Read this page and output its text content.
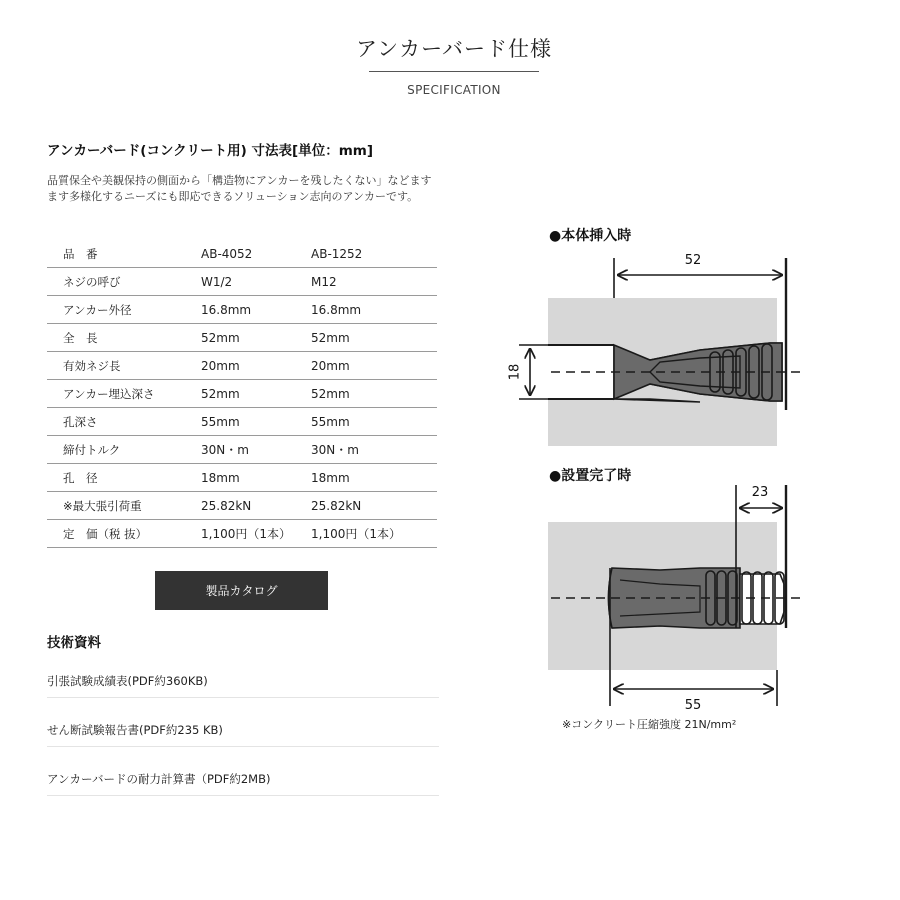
アンカーバード仕様
SPECIFICATION
アンカーバード(コンクリート用) 寸法表[単位：mm]
品質保全や美観保持の側面から「構造物にアンカーを残したくない」などますます多様化するニーズにも即応できるソリューション志向のアンカーです。
品　番	AB-4052	AB-1252
ネジの呼び	W1/2	M12
アンカー外径	16.8mm	16.8mm
全　長	52mm	52mm
有効ネジ長	20mm	20mm
アンカー埋込深さ	52mm	52mm
孔深さ	55mm	55mm
締付トルク	30N・m	30N・m
孔　径	18mm	18mm
※最大張引荷重	25.82kN	25.82kN
定　価（税 抜）	1,100円（1本）	1,100円（1本）
製品カタログ
技術資料
引張試験成績表(PDF約360KB)
せん断試験報告書(PDF約235 KB)
アンカーバードの耐力計算書（PDF約2MB)
●本体挿入時
52
18
●設置完了時
23
55
※コンクリート圧縮強度 21N/mm²
